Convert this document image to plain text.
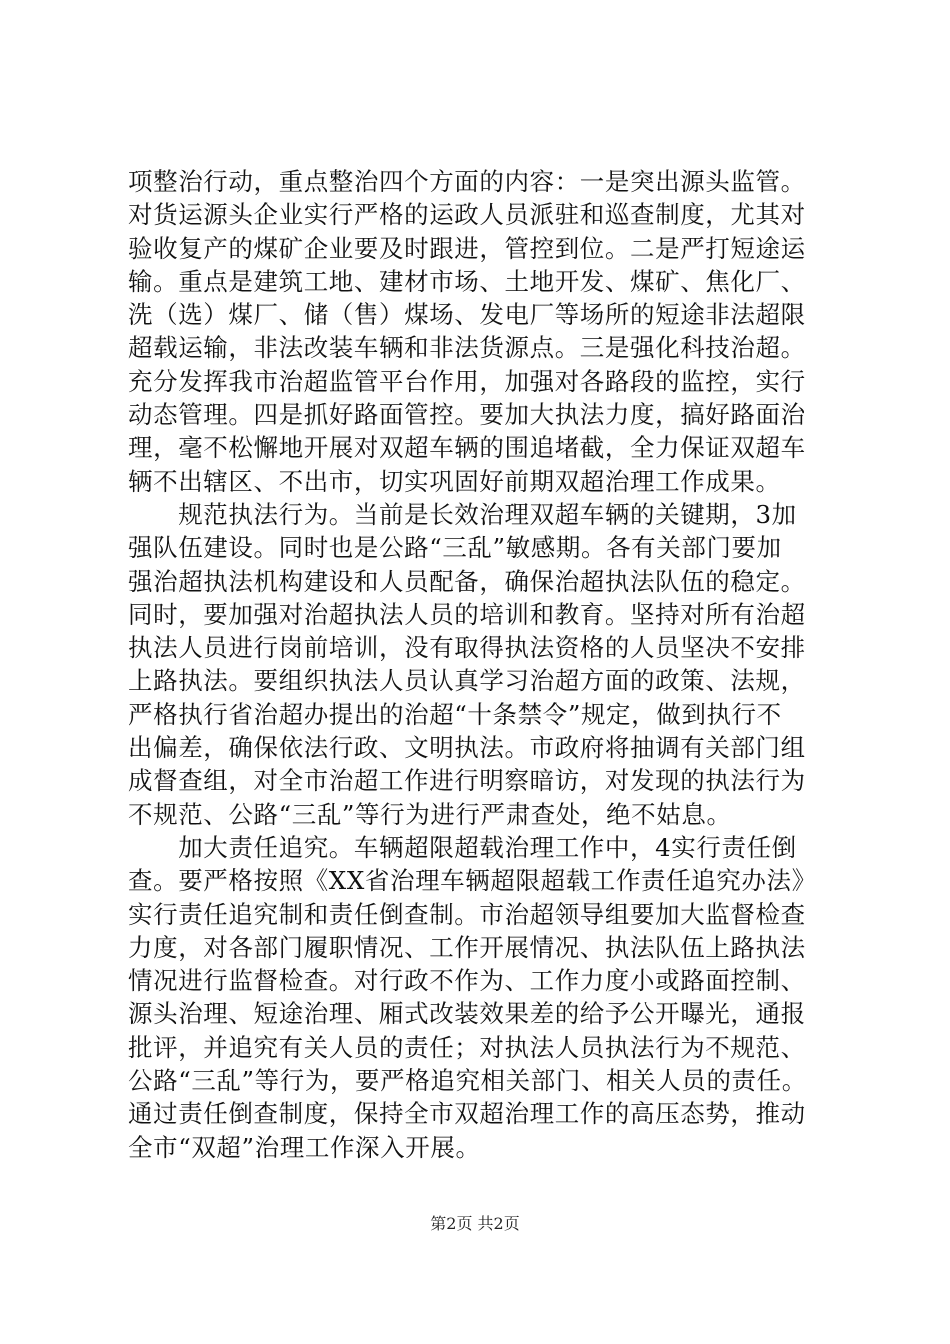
项整治行动，重点整治四个方面的内容：一是突出源头监管。
对货运源头企业实行严格的运政人员派驻和巡查制度，尤其对
验收复产的煤矿企业要及时跟进，管控到位。二是严打短途运
输。重点是建筑工地、建材市场、土地开发、煤矿、焦化厂、
洗（选）煤厂、储（售）煤场、发电厂等场所的短途非法超限
超载运输，非法改装车辆和非法货源点。三是强化科技治超。
充分发挥我市治超监管平台作用，加强对各路段的监控，实行
动态管理。四是抓好路面管控。要加大执法力度，搞好路面治
理，毫不松懈地开展对双超车辆的围追堵截，全力保证双超车
辆不出辖区、不出市，切实巩固好前期双超治理工作成果。
　　规范执法行为。当前是长效治理双超车辆的关键期，3加
强队伍建设。同时也是公路“三乱”敏感期。各有关部门要加
强治超执法机构建设和人员配备，确保治超执法队伍的稳定。
同时，要加强对治超执法人员的培训和教育。坚持对所有治超
执法人员进行岗前培训，没有取得执法资格的人员坚决不安排
上路执法。要组织执法人员认真学习治超方面的政策、法规，
严格执行省治超办提出的治超“十条禁令”规定，做到执行不
出偏差，确保依法行政、文明执法。市政府将抽调有关部门组
成督查组，对全市治超工作进行明察暗访，对发现的执法行为
不规范、公路“三乱”等行为进行严肃查处，绝不姑息。
　　加大责任追究。车辆超限超载治理工作中，4实行责任倒
查。要严格按照《XX省治理车辆超限超载工作责任追究办法》
实行责任追究制和责任倒查制。市治超领导组要加大监督检查
力度，对各部门履职情况、工作开展情况、执法队伍上路执法
情况进行监督检查。对行政不作为、工作力度小或路面控制、
源头治理、短途治理、厢式改装效果差的给予公开曝光，通报
批评，并追究有关人员的责任；对执法人员执法行为不规范、
公路“三乱”等行为，要严格追究相关部门、相关人员的责任。
通过责任倒查制度，保持全市双超治理工作的高压态势，推动
全市“双超”治理工作深入开展。
第2页 共2页
